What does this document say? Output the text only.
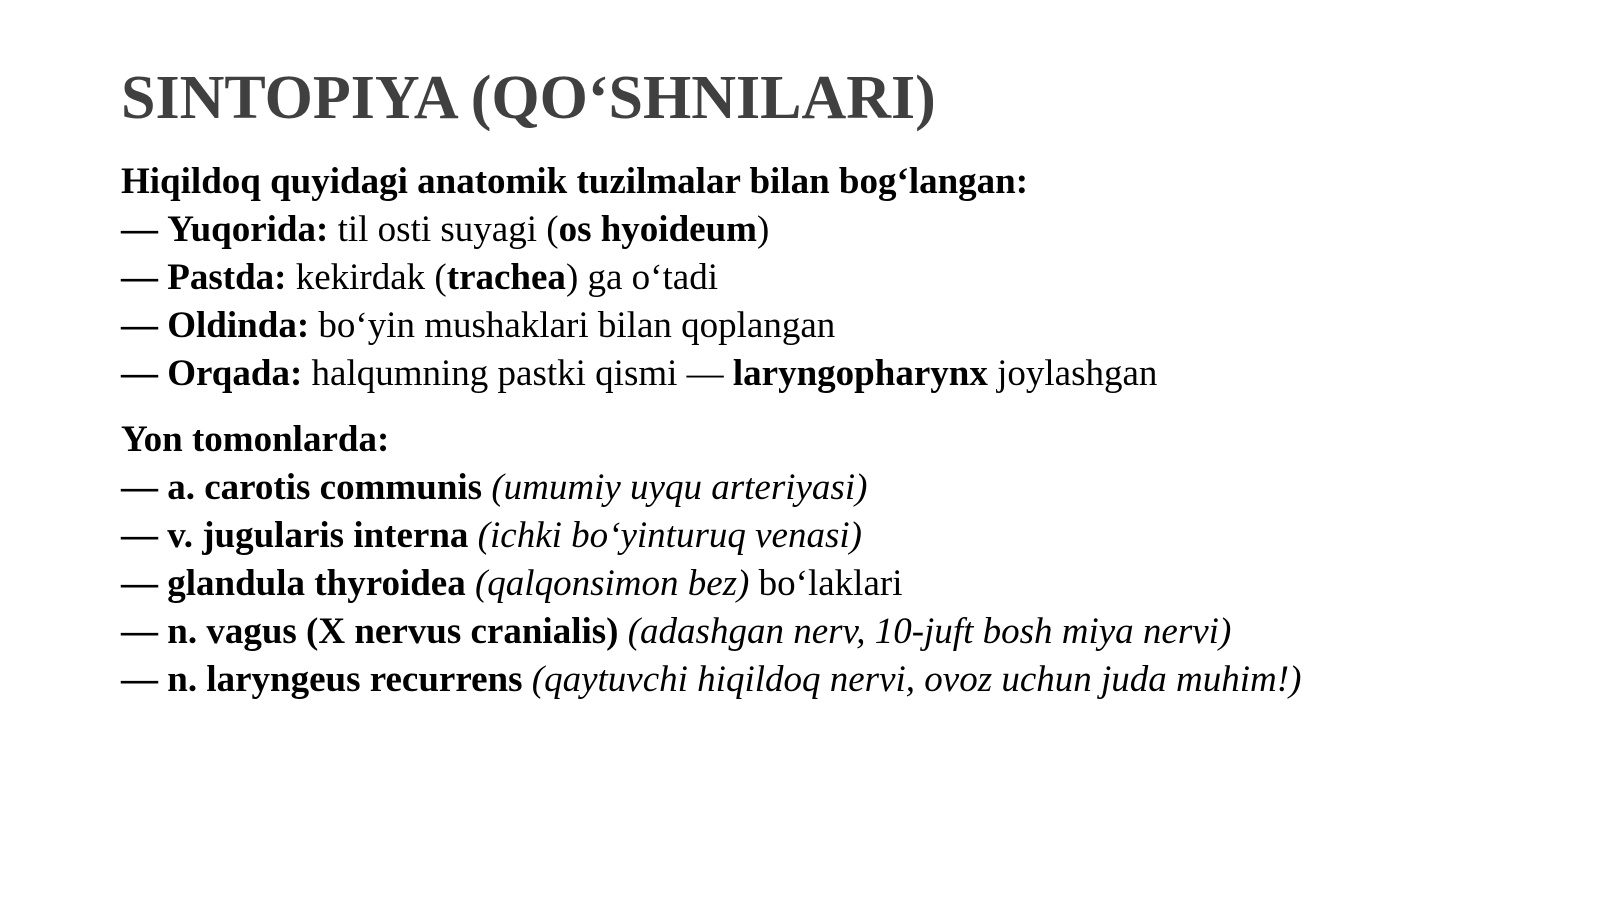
SINTOPIYA (QO‘SHNILARI)

Hiqildoq quyidagi anatomik tuzilmalar bilan bog‘langan:

— Yuqorida: til osti suyagi (os hyoideum)

— Pastda: kekirdak (trachea) ga o‘tadi

— Oldinda: bo‘yin mushaklari bilan qoplangan

— Orqada: halqumning pastki qismi — laryngopharynx joylashgan

Yon tomonlarda:

— a. carotis communis (umumiy uyqu arteriyasi)

— v. jugularis interna (ichki bo‘yinturuq venasi)

— glandula thyroidea (qalqonsimon bez) bo‘laklari

— n. vagus (X nervus cranialis) (adashgan nerv, 10-juft bosh miya nervi)

— n. laryngeus recurrens (qaytuvchi hiqildoq nervi, ovoz uchun juda muhim!)
